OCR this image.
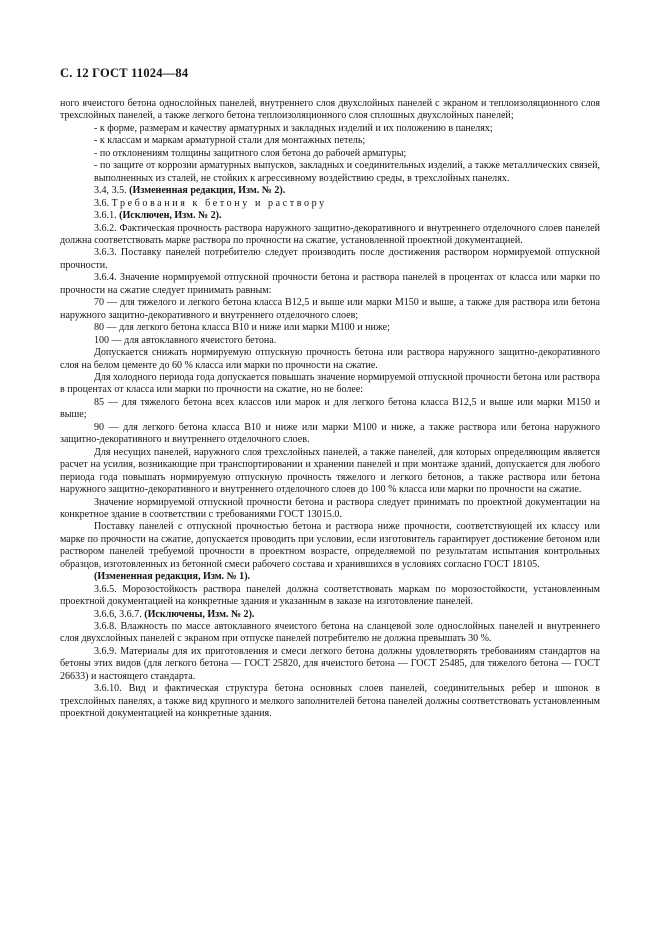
С. 12 ГОСТ 11024—84

ного ячеистого бетона однослойных панелей, внутреннего слоя двухслойных панелей с экраном и теплоизоляционного слоя трехслойных панелей, а также легкого бетона теплоизоляционного слоя сплошных двухслойных панелей;

- к форме, размерам и качеству арматурных и закладных изделий и их положению в панелях;

- к классам и маркам арматурной стали для монтажных петель;

- по отклонениям толщины защитного слоя бетона до рабочей арматуры;

- по защите от коррозии арматурных выпусков, закладных и соединительных изделий, а также металлических связей, выполненных из сталей, не стойких к агрессивному воздействию среды, в трехслойных панелях.

3.4, 3.5. (Измененная редакция, Изм. № 2).

3.6. Требования к бетону и раствору

3.6.1. (Исключен, Изм. № 2).

3.6.2. Фактическая прочность раствора наружного защитно-декоративного и внутреннего отделочного слоев панелей должна соответствовать марке раствора по прочности на сжатие, установленной проектной документацией.

3.6.3. Поставку панелей потребителю следует производить после достижения раствором нормируемой отпускной прочности.

3.6.4. Значение нормируемой отпускной прочности бетона и раствора панелей в процентах от класса или марки по прочности на сжатие следует принимать равным:

70 — для тяжелого и легкого бетона класса В12,5 и выше или марки М150 и выше, а также для раствора или бетона наружного защитно-декоративного и внутреннего отделочного слоев;

80 — для легкого бетона класса В10 и ниже или марки М100 и ниже;

100 — для автоклавного ячеистого бетона.

Допускается снижать нормируемую отпускную прочность бетона или раствора наружного защитно-декоративного слоя на белом цементе до 60 % класса или марки по прочности на сжатие.

Для холодного периода года допускается повышать значение нормируемой отпускной прочности бетона или раствора в процентах от класса или марки по прочности на сжатие, но не более:

85 — для тяжелого бетона всех классов или марок и для легкого бетона класса В12,5 и выше или марки М150 и выше;

90 — для легкого бетона класса В10 и ниже или марки М100 и ниже, а также раствора или бетона наружного защитно-декоративного и внутреннего отделочного слоев.

Для несущих панелей, наружного слоя трехслойных панелей, а также панелей, для которых определяющим является расчет на усилия, возникающие при транспортировании и хранении панелей и при монтаже зданий, допускается для любого периода года повышать нормируемую отпускную прочность тяжелого и легкого бетонов, а также раствора или бетона наружного защитно-декоративного и внутреннего отделочного слоев до 100 % класса или марки по прочности на сжатие.

Значение нормируемой отпускной прочности бетона и раствора следует принимать по проектной документации на конкретное здание в соответствии с требованиями ГОСТ 13015.0.

Поставку панелей с отпускной прочностью бетона и раствора ниже прочности, соответствующей их классу или марке по прочности на сжатие, допускается проводить при условии, если изготовитель гарантирует достижение бетоном или раствором панелей требуемой прочности в проектном возрасте, определяемой по результатам испытания контрольных образцов, изготовленных из бетонной смеси рабочего состава и хранившихся в условиях согласно ГОСТ 18105.

(Измененная редакция, Изм. № 1).

3.6.5. Морозостойкость раствора панелей должна соответствовать маркам по морозостойкости, установленным проектной документацией на конкретные здания и указанным в заказе на изготовление панелей.

3.6.6, 3.6.7. (Исключены, Изм. № 2).

3.6.8. Влажность по массе автоклавного ячеистого бетона на сланцевой золе однослойных панелей и внутреннего слоя двухслойных панелей с экраном при отпуске панелей потребителю не должна превышать 30 %.

3.6.9. Материалы для их приготовления и смеси легкого бетона должны удовлетворять требованиям стандартов на бетоны этих видов (для легкого бетона — ГОСТ 25820, для ячеистого бетона — ГОСТ 25485, для тяжелого бетона — ГОСТ 26633) и настоящего стандарта.

3.6.10. Вид и фактическая структура бетона основных слоев панелей, соединительных ребер и шпонок в трехслойных панелях, а также вид крупного и мелкого заполнителей бетона панелей должны соответствовать установленным проектной документацией на конкретные здания.
